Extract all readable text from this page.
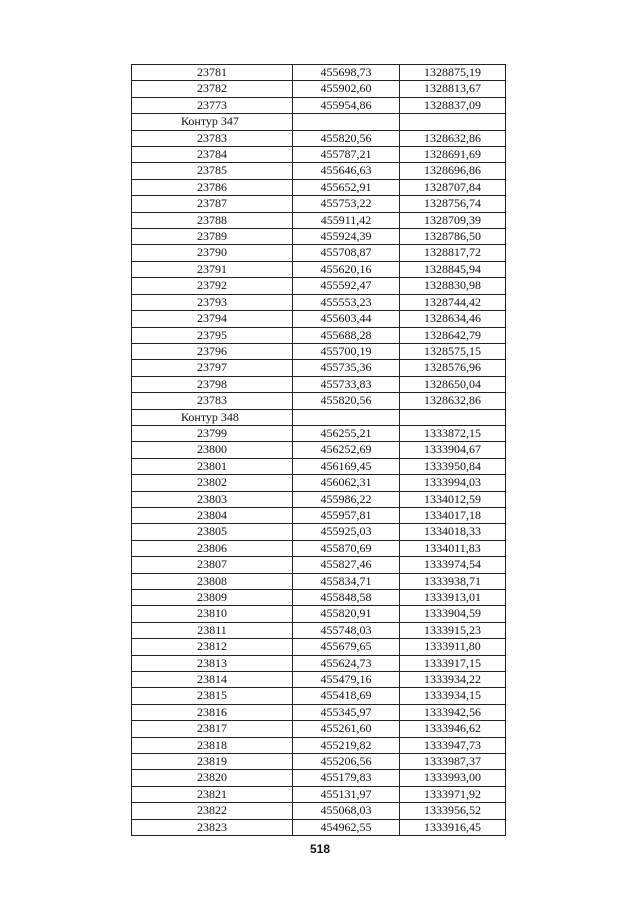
23781	455698,73	1328875,19
23782	455902,60	1328813,67
23773	455954,86	1328837,09
Контур 347		
23783	455820,56	1328632,86
23784	455787,21	1328691,69
23785	455646,63	1328696,86
23786	455652,91	1328707,84
23787	455753,22	1328756,74
23788	455911,42	1328709,39
23789	455924,39	1328786,50
23790	455708,87	1328817,72
23791	455620,16	1328845,94
23792	455592,47	1328830,98
23793	455553,23	1328744,42
23794	455603,44	1328634,46
23795	455688,28	1328642,79
23796	455700,19	1328575,15
23797	455735,36	1328576,96
23798	455733,83	1328650,04
23783	455820,56	1328632,86
Контур 348		
23799	456255,21	1333872,15
23800	456252,69	1333904,67
23801	456169,45	1333950,84
23802	456062,31	1333994,03
23803	455986,22	1334012,59
23804	455957,81	1334017,18
23805	455925,03	1334018,33
23806	455870,69	1334011,83
23807	455827,46	1333974,54
23808	455834,71	1333938,71
23809	455848,58	1333913,01
23810	455820,91	1333904,59
23811	455748,03	1333915,23
23812	455679,65	1333911,80
23813	455624,73	1333917,15
23814	455479,16	1333934,22
23815	455418,69	1333934,15
23816	455345,97	1333942,56
23817	455261,60	1333946,62
23818	455219,82	1333947,73
23819	455206,56	1333987,37
23820	455179,83	1333993,00
23821	455131,97	1333971,92
23822	455068,03	1333956,52
23823	454962,55	1333916,45
518
